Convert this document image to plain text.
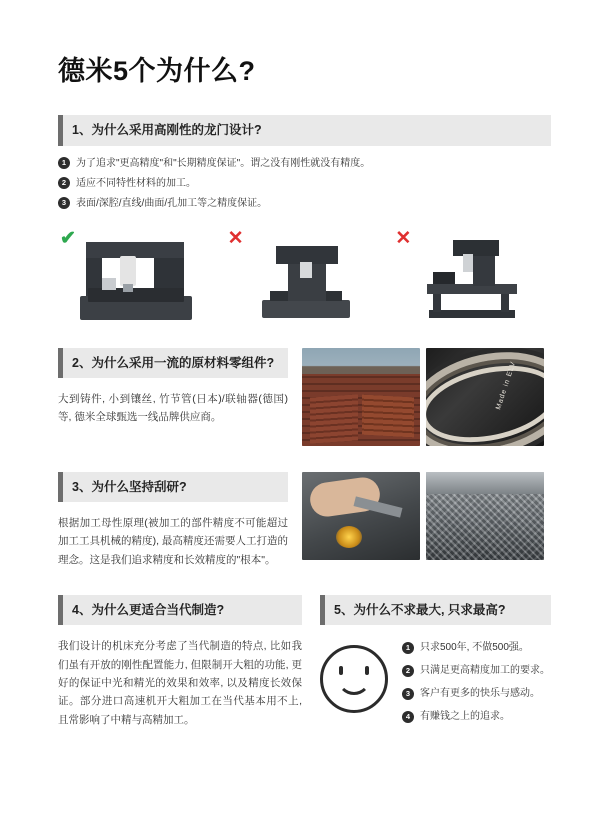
德米5个为什么?
1、为什么采用高刚性的龙门设计?
1 为了追求"更高精度"和"长期精度保证"。谓之没有刚性就没有精度。
2 适应不同特性材料的加工。
3 表面/深腔/直线/曲面/孔加工等之精度保证。
✔	✕	✕
2、为什么采用一流的原材料零组件?

大到铸件, 小到镶丝, 竹节管(日本)/联轴器(德国)等, 德米全球甄选一线品牌供应商。

Made in ELV
3、为什么坚持刮研?

根据加工母性原理(被加工的部件精度不可能超过加工工具机械的精度), 最高精度还需要人工打造的理念。这是我们追求精度和长效精度的"根本"。

4、为什么更适合当代制造?

我们设计的机床充分考虑了当代制造的特点, 比如我们虽有开放的刚性配置能力, 但限制开大粗的功能, 更好的保证中光和精光的效果和效率, 以及精度长效保证。部分进口高速机开大粗加工在当代基本用不上, 且常影响了中精与高精加工。

5、为什么不求最大, 只求最高?
1 只求500年, 不做500强。
2 只满足更高精度加工的要求。
3 客户有更多的快乐与感动。
4 有赚钱之上的追求。
